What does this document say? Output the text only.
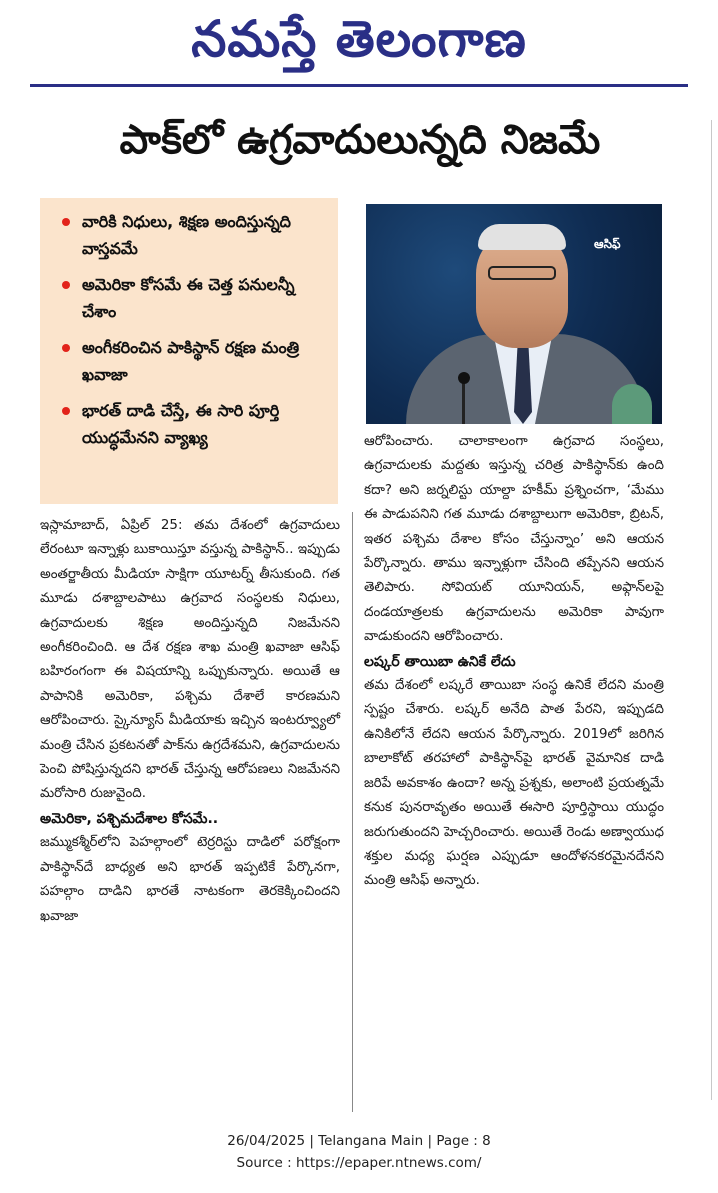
నమస్తే తెలంగాణ
పాక్‌లో ఉగ్రవాదులున్నది నిజమే
వారికి నిధులు, శిక్షణ అందిస్తున్నది వాస్తవమే
అమెరికా కోసమే ఈ చెత్త పనులన్నీ చేశాం
అంగీకరించిన పాకిస్థాన్‌ రక్షణ మంత్రి ఖవాజా
భారత్‌ దాడి చేస్తే, ఈ సారి పూర్తి యుద్ధమేనని వ్యాఖ్య
ఆసిఫ్‌

ఇస్లామాబాద్‌, ఏప్రిల్‌ 25: తమ దేశంలో ఉగ్రవాదులు లేరంటూ ఇన్నాళ్లు బుకాయిస్తూ వస్తున్న పాకిస్థాన్‌.. ఇప్పుడు అంతర్జాతీయ మీడియా సాక్షిగా యూటర్న్‌ తీసుకుంది. గత మూడు దశాబ్దాలపాటు ఉగ్రవాద సంస్థలకు నిధులు, ఉగ్రవాదులకు శిక్షణ అందిస్తున్నది నిజమేనని అంగీకరించింది. ఆ దేశ రక్షణ శాఖ మంత్రి ఖవాజా ఆసిఫ్‌ బహిరంగంగా ఈ విషయాన్ని ఒప్పుకున్నారు. అయితే ఆ పాపానికి అమెరికా, పశ్చిమ దేశాలే కారణమని ఆరోపించారు. స్కైన్యూస్‌ మీడియాకు ఇచ్చిన ఇంటర్వ్యూలో మంత్రి చేసిన ప్రకటనతో పాక్‌ను ఉగ్రదేశమని, ఉగ్రవాదులను పెంచి పోషిస్తున్నదని భారత్‌ చేస్తున్న ఆరోపణలు నిజమేనని మరోసారి రుజువైంది.

అమెరికా, పశ్చిమదేశాల కోసమే..

జమ్ముకశ్మీర్‌లోని పెహల్గాంలో టెర్రరిస్టు దాడిలో పరోక్షంగా పాకిస్థాన్‌దే బాధ్యత అని భారత్‌ ఇప్పటికే పేర్కొనగా, పహల్గాం దాడిని భారతే నాటకంగా తెరకెక్కించిందని ఖవాజా

ఆరోపించారు. చాలాకాలంగా ఉగ్రవాద సంస్థలు, ఉగ్రవాదులకు మద్దతు ఇస్తున్న చరిత్ర పాకిస్థాన్‌కు ఉంది కదా? అని జర్నలిస్టు యాల్దా హకీమ్‌ ప్రశ్నించగా, ‘మేము ఈ పాడుపనిని గత మూడు దశాబ్దాలుగా అమెరికా, బ్రిటన్‌, ఇతర పశ్చిమ దేశాల కోసం చేస్తున్నాం’ అని ఆయన పేర్కొన్నారు. తాము ఇన్నాళ్లుగా చేసింది తప్పేనని ఆయన తెలిపారు. సోవియట్‌ యూనియన్‌, అఫ్గాన్‌లపై దండయాత్రలకు ఉగ్రవాదులను అమెరికా పావుగా వాడుకుందని ఆరోపించారు.

లష్కర్‌ తాయిబా ఉనికే లేదు

తమ దేశంలో లష్కరే తాయిబా సంస్థ ఉనికే లేదని మంత్రి స్పష్టం చేశారు. లష్కర్‌ అనేది పాత పేరని, ఇప్పుడది ఉనికిలోనే లేదని ఆయన పేర్కొన్నారు. 2019లో జరిగిన బాలాకోట్‌ తరహాలో పాకిస్థాన్‌పై భారత్‌ వైమానిక దాడి జరిపే అవకాశం ఉందా? అన్న ప్రశ్నకు, అలాంటి ప్రయత్నమే కనుక పునరావృతం అయితే ఈసారి పూర్తిస్థాయి యుద్ధం జరుగుతుందని హెచ్చరించారు. అయితే రెండు అణ్వాయుధ శక్తుల మధ్య ఘర్షణ ఎప్పుడూ ఆందోళనకరమైనదేనని మంత్రి ఆసిఫ్‌ అన్నారు.

26/04/2025 | Telangana Main | Page : 8
Source : https://epaper.ntnews.com/
